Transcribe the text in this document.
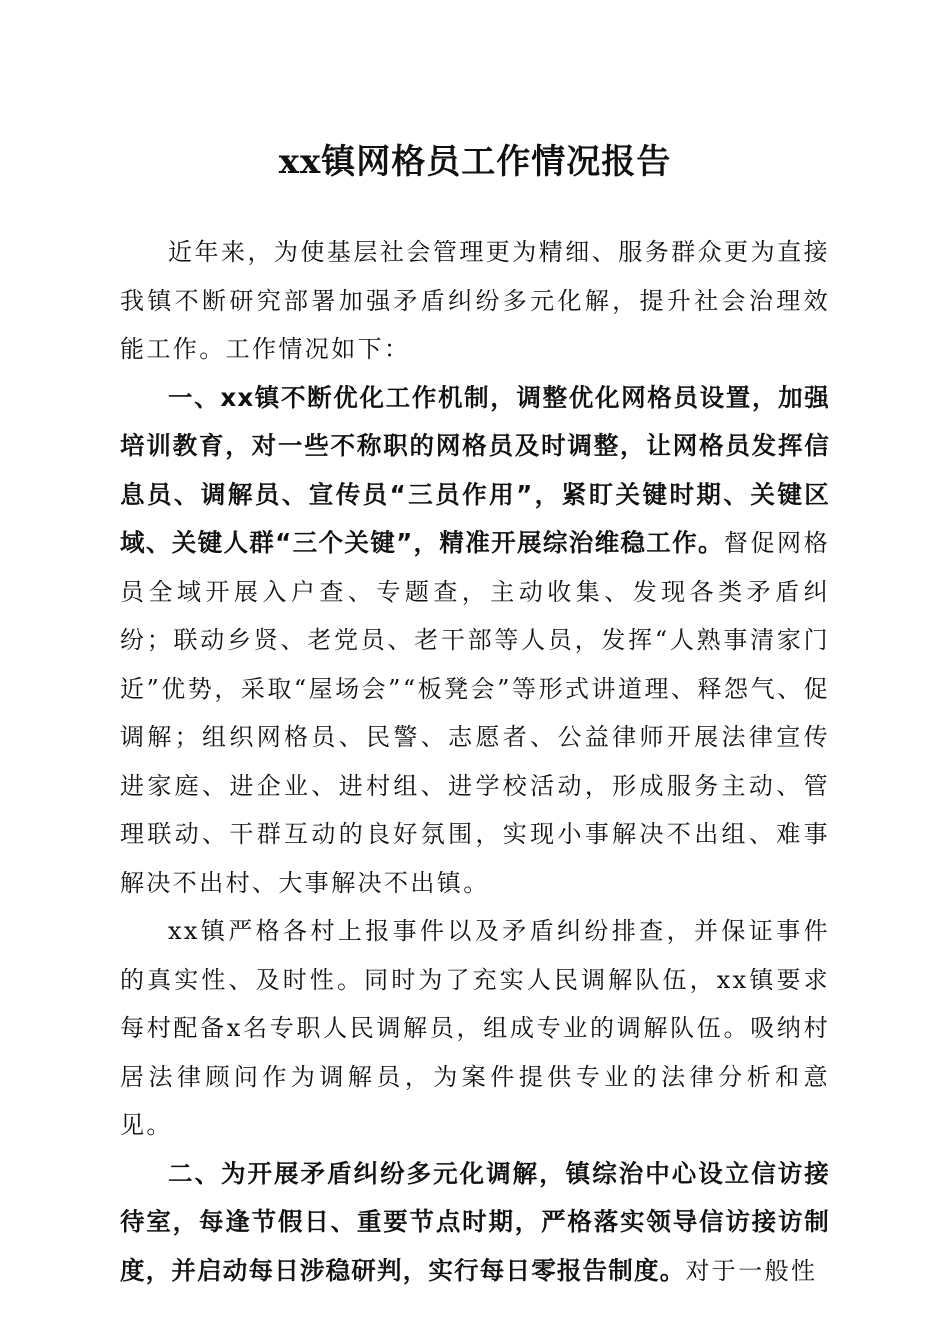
xx镇网格员工作情况报告

近年来，为使基层社会管理更为精细、服务群众更为直接我镇不断研究部署加强矛盾纠纷多元化解，提升社会治理效能工作。工作情况如下：

一、xx镇不断优化工作机制，调整优化网格员设置，加强培训教育，对一些不称职的网格员及时调整，让网格员发挥信息员、调解员、宣传员“三员作用”，紧盯关键时期、关键区域、关键人群“三个关键”，精准开展综治维稳工作。督促网格员全域开展入户查、专题查，主动收集、发现各类矛盾纠纷；联动乡贤、老党员、老干部等人员，发挥“人熟事清家门近”优势，采取“屋场会”“板凳会”等形式讲道理、释怨气、促调解；组织网格员、民警、志愿者、公益律师开展法律宣传进家庭、进企业、进村组、进学校活动，形成服务主动、管理联动、干群互动的良好氛围，实现小事解决不出组、难事解决不出村、大事解决不出镇。

xx镇严格各村上报事件以及矛盾纠纷排查，并保证事件的真实性、及时性。同时为了充实人民调解队伍，xx镇要求每村配备x名专职人民调解员，组成专业的调解队伍。吸纳村居法律顾问作为调解员，为案件提供专业的法律分析和意见。

二、为开展矛盾纠纷多元化调解，镇综治中心设立信访接待室，每逢节假日、重要节点时期，严格落实领导信访接访制度，并启动每日涉稳研判，实行每日零报告制度。对于一般性
